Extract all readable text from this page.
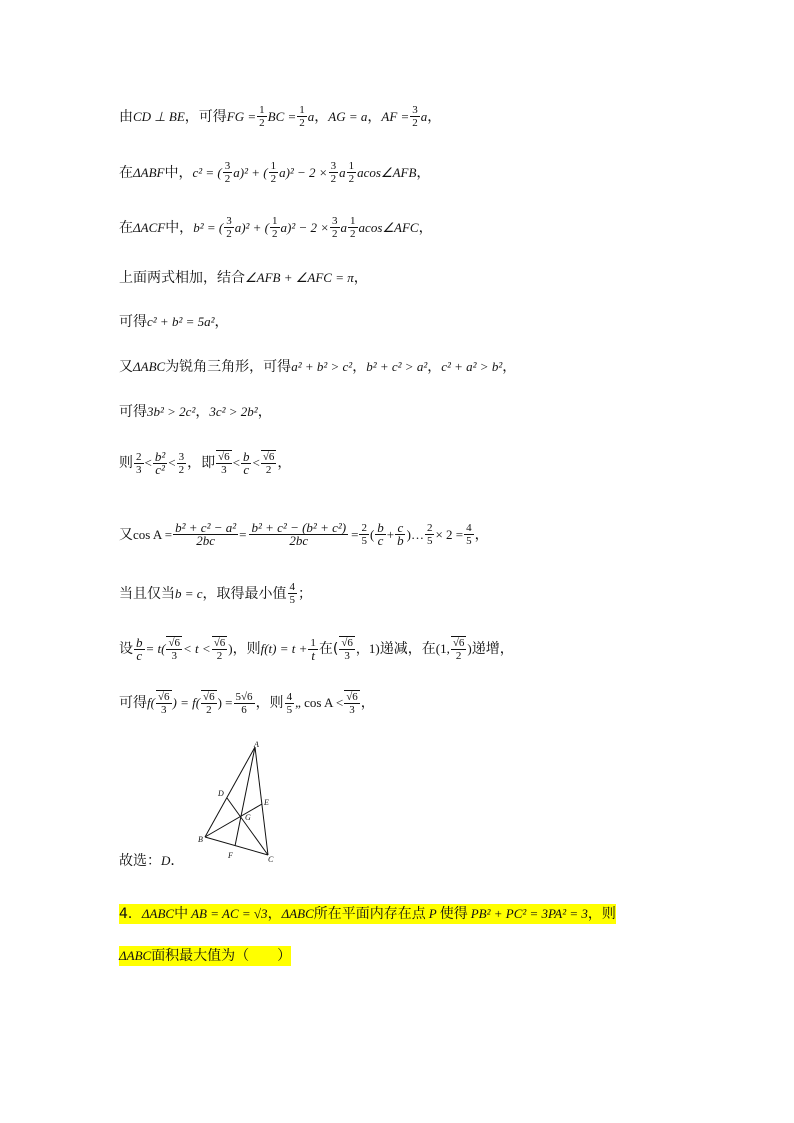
由 CD ⊥ BE ，可得 FG = $\frac{1}{2}$ BC = $\frac{1}{2}$ a ， AG = a ， AF = $\frac{3}{2}$ a ，
在 ΔABF 中， c² = ( $\frac{3}{2} a)^2$ + ( $\frac{1}{2} a)^2 - 2 \times \frac{3}{2}$ a $\frac{1}{2}$ acos∠AFB ，
在 ΔACF 中， b² = ( $\frac{3}{2} a)^2$ + ( $\frac{1}{2} a)^2 - 2 \times \frac{3}{2}$ a $\frac{1}{2}$ acos∠AFC ，
上面两式相加，结合 ∠AFB + ∠AFC = π ，
可得 c² + b² = 5a² ，
又 ΔABC 为锐角三角形，可得 a² + b² > c² ， b² + c² > a² ， c² + a² > b² ，
可得 3b² > 2c² ， 3c² > 2b² ，
则 $\frac{2}{3} < \frac{\text{b²}}{\text{c²}} < \frac{3}{2}$ ，即 $\frac{√6}{3} < \frac{b}{c} < \frac{√6}{2}$ ，
又 $\cos A = \frac{\text{b² + c² − a²}}{2bc} = \frac{\text{b² + c² − (b² + c²)}}{2bc} = \frac{2}{5}$ ( $\frac{b}{c} + \frac{c}{b}$ )… $\frac{2}{5} \times 2 = \frac{4}{5}$ ，
当且仅当 b = c ，取得最小值 $\frac{4}{5}$ ；
设 $\frac{b}{c} = t( \frac{√6}{3} < t < \frac{√6}{2}$ ) ，则 $f(t) = t + \frac{1}{t}$ 在( $\frac{√6}{3}$ ，1) 递减，在 (1, $\frac{√6}{2}$ ) 递增，
可得 $f( \frac{√6}{3}$ ) = $f( \frac{√6}{2}$ ) = $\frac{5√6}{6}$ ，则 $\frac{4}{5}$ „ $\cos A < \frac{√6}{3}$ ，
A
B
C
D
E
F
G
故选： D ．
4． ΔABC 中 AB = AC = √3 ， ΔABC 所在平面内存在点 P 使得 PB² + PC² = 3PA² = 3 ，则
ΔABC 面积最大值为（　　）
